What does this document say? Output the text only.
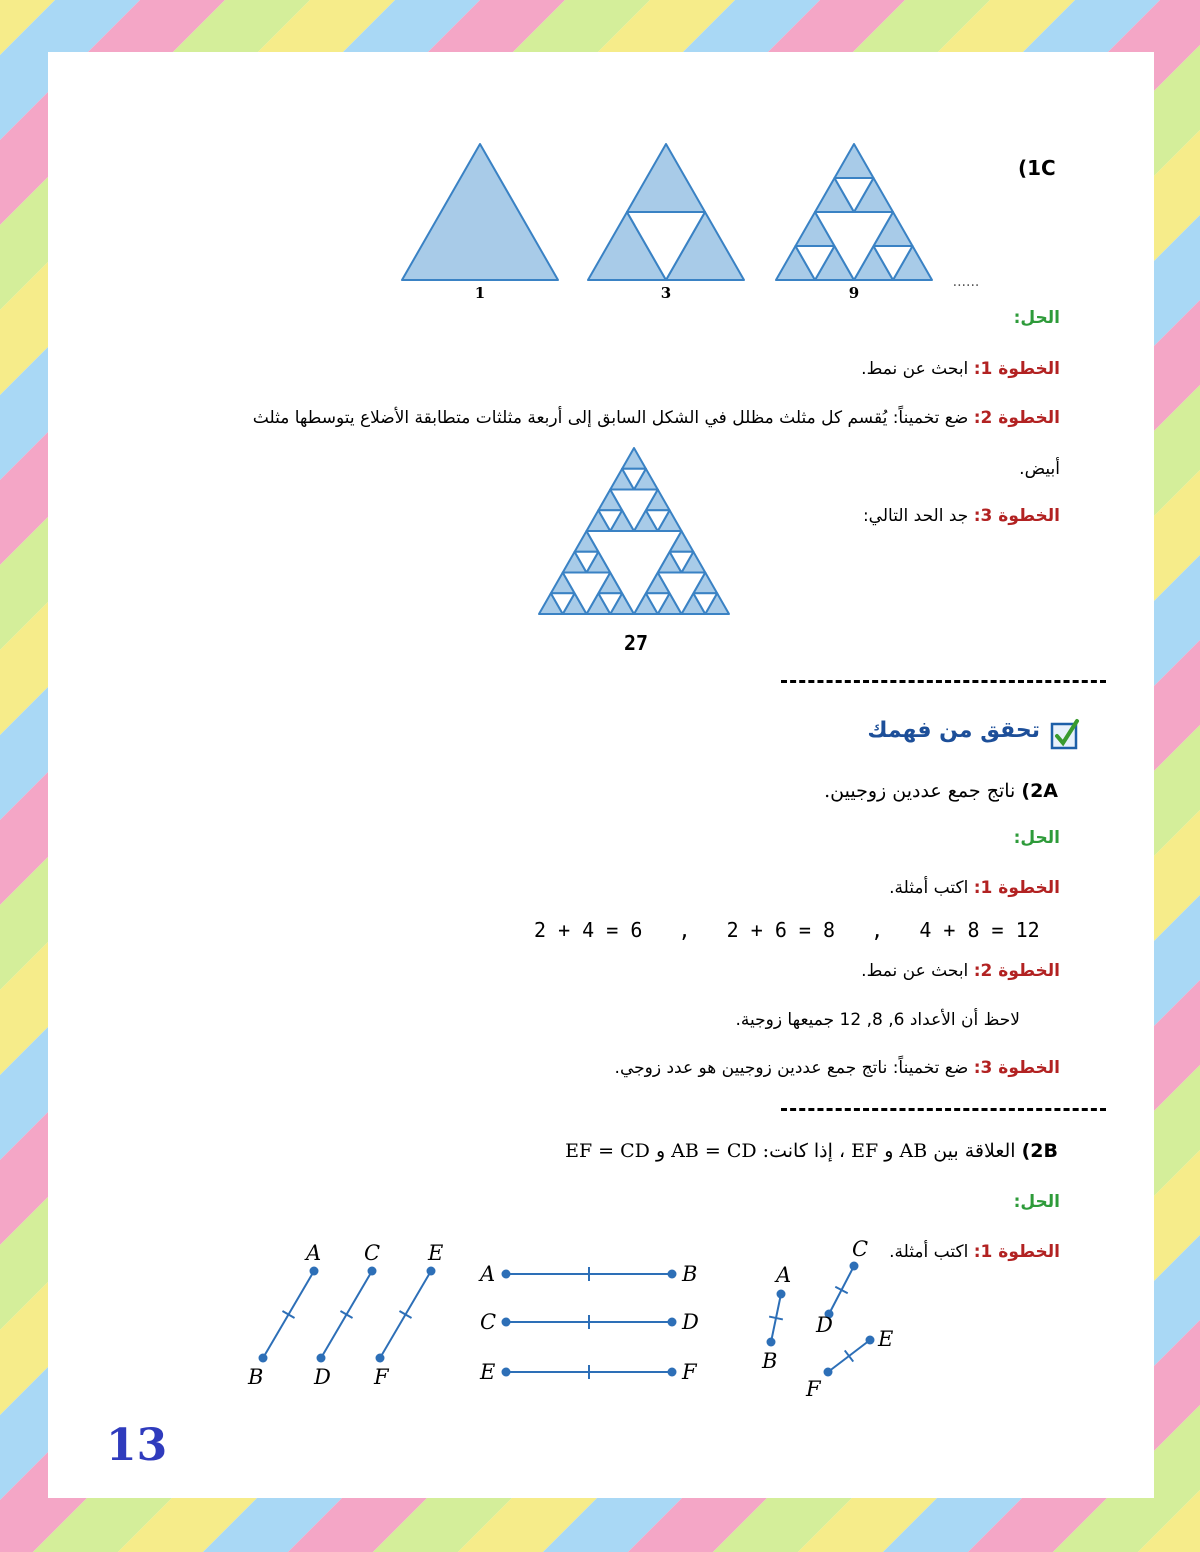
(1C
1	3	9
......
الحل:
الخطوة 1: ابحث عن نمط.
الخطوة 2: ضع تخميناً: يُقسم كل مثلث مظلل في الشكل السابق إلى أربعة مثلثات متطابقة الأضلاع يتوسطها مثلث
أبيض.
الخطوة 3: جد الحد التالي:
27
تحقق من فهمك
2A) ناتج جمع عددين زوجيين.
الحل:
الخطوة 1: اكتب أمثلة.
2 + 4 = 6   ,   2 + 6 = 8   ,   4 + 8 = 12
الخطوة 2: ابحث عن نمط.
لاحظ أن الأعداد 6, 8, 12 جميعها زوجية.
الخطوة 3: ضع تخميناً: ناتج جمع عددين زوجيين هو عدد زوجي.
2B) العلاقة بين AB و EF ، إذا كانت: AB = CD و EF = CD
الحل:
الخطوة 1: اكتب أمثلة.
A
B
C
D
E
F
A	B
C	D
E	F
A
B
C
D
E
F
13
